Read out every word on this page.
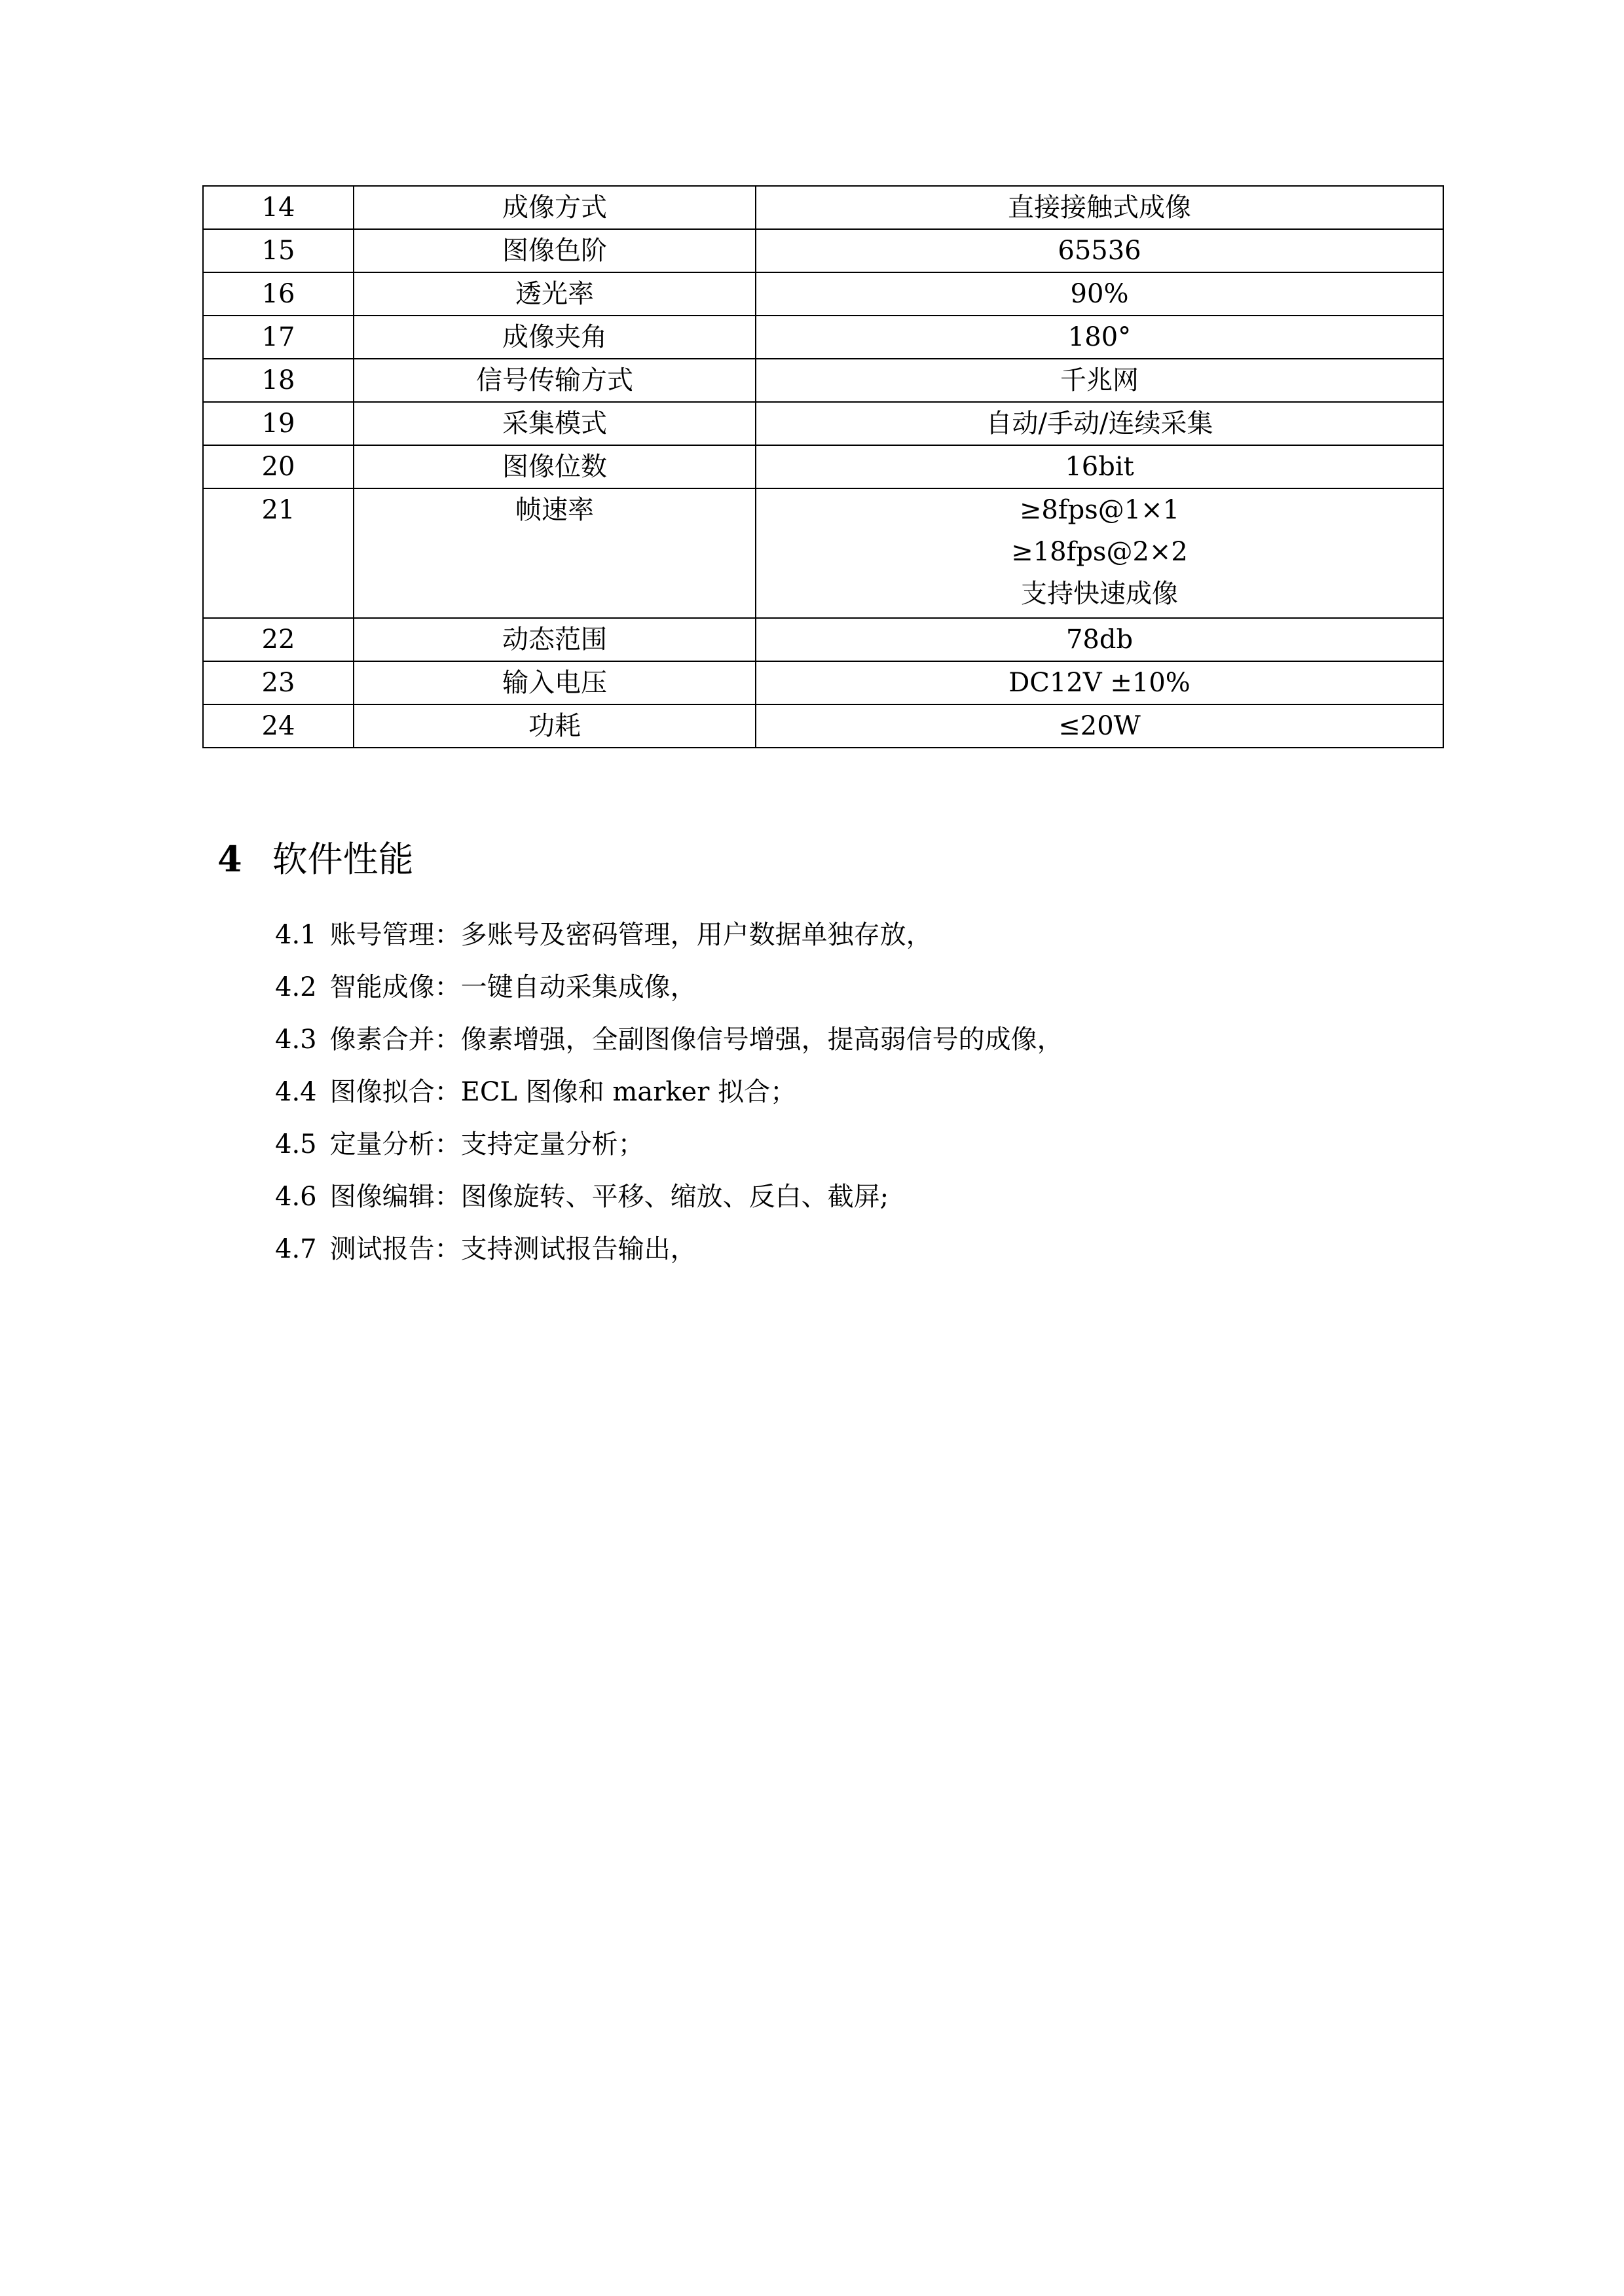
14	成像方式	直接接触式成像

15	图像色阶	65536

16	透光率	90%

17	成像夹角	180°

18	信号传输方式	千兆网

19	采集模式	自动/手动/连续采集

20	图像位数	16bit

21	帧速率	≥8fps@1×1
≥18fps@2×2
支持快速成像

22	动态范围	78db

23	输入电压	DC12V ±10%

24	功耗	≤20W
4 软件性能
4.1 账号管理：多账号及密码管理，用户数据单独存放，
4.2 智能成像：一键自动采集成像，
4.3 像素合并：像素增强，全副图像信号增强，提高弱信号的成像，
4.4 图像拟合：ECL 图像和 marker 拟合；
4.5 定量分析：支持定量分析；
4.6 图像编辑：图像旋转、平移、缩放、反白、截屏;
4.7 测试报告：支持测试报告输出，
